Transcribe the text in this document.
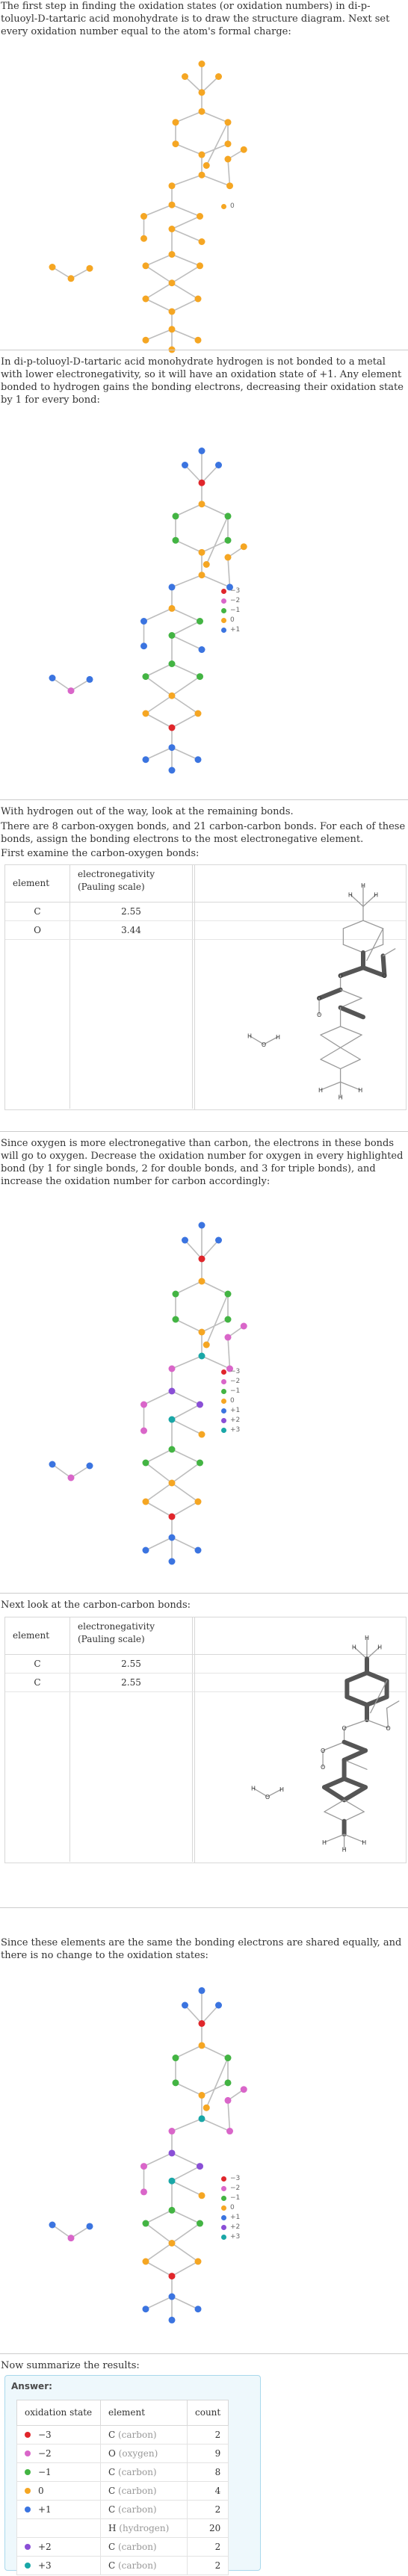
The first step in finding the oxidation states (or oxidation numbers) in di-p-toluoyl-D-tartaric acid monohydrate is to draw the structure diagram. Next set every oxidation number equal to the atom's formal charge:
0
In di-p-toluoyl-D-tartaric acid monohydrate hydrogen is not bonded to a metal with lower electronegativity, so it will have an oxidation state of +1. Any element bonded to hydrogen gains the bonding electrons, decreasing their oxidation state by 1 for every bond:
−3
−2
−1
0
+1
With hydrogen out of the way, look at the remaining bonds.
There are 8 carbon-oxygen bonds, and 21 carbon-carbon bonds. For each of these bonds, assign the bonding electrons to the most electronegative element.
First examine the carbon-oxygen bonds:
element
electronegativity (Pauling scale)
C	2.55
O	3.44
H
H	H
H	H
H
H	H
O	O
O
O
O
Since oxygen is more electronegative than carbon, the electrons in these bonds will go to oxygen. Decrease the oxidation number for oxygen in every highlighted bond (by 1 for single bonds, 2 for double bonds, and 3 for triple bonds), and increase the oxidation number for carbon accordingly:
−3
−2
−1
0
+1
+2
+3
Next look at the carbon-carbon bonds:
element
electronegativity (Pauling scale)
C	2.55
C	2.55
H
H	H
H	H
H
H	H
O	O
O
O
O
Since these elements are the same the bonding electrons are shared equally, and there is no change to the oxidation states:
−3
−2
−1
0
+1
+2
+3
Now summarize the results:
Answer:
oxidation state	element	count
−3	C (carbon)	2
−2	O (oxygen)	9
−1	C (carbon)	8
0	C (carbon)	4
+1	C (carbon)	2
	H (hydrogen)	20
+2	C (carbon)	2
+3	C (carbon)	2
